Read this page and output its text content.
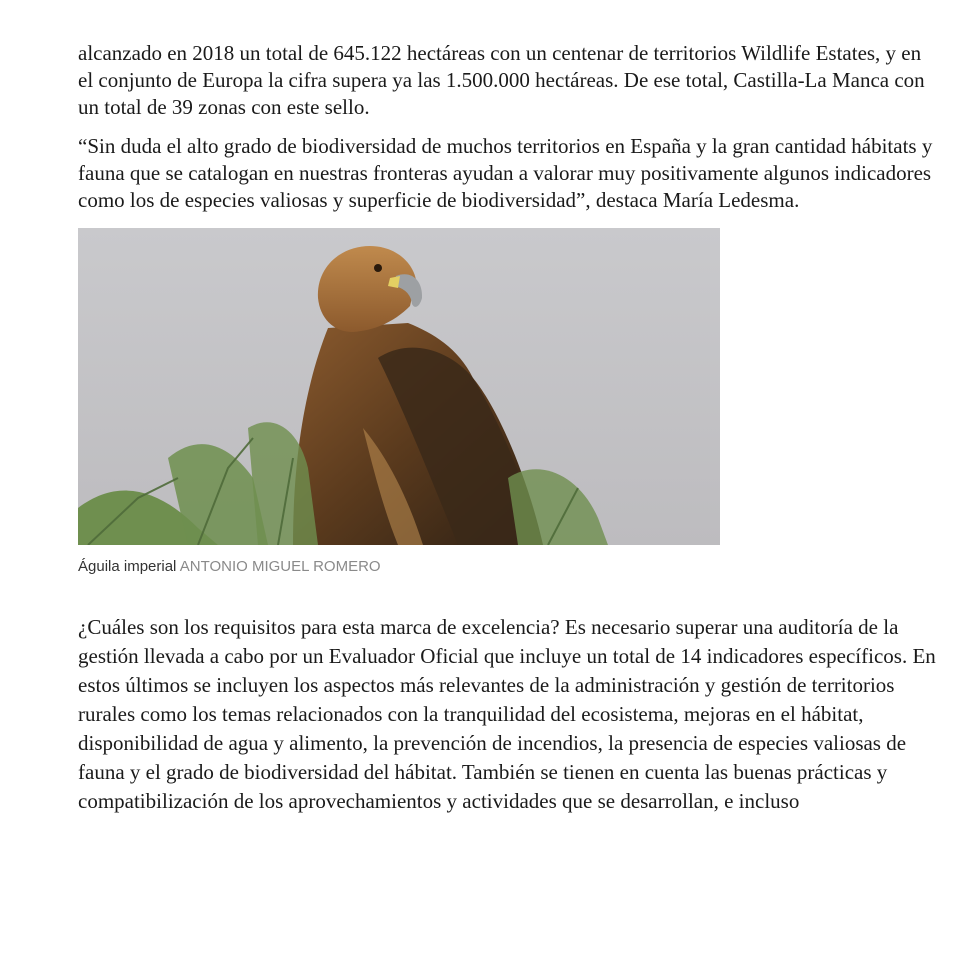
alcanzado en 2018 un total de 645.122 hectáreas con un centenar de territorios Wildlife Estates, y en el conjunto de Europa la cifra supera ya las 1.500.000 hectáreas. De ese total, Castilla-La Manca con un total de 39 zonas con este sello.

“Sin duda el alto grado de biodiversidad de muchos territorios en España y la gran cantidad hábitats y fauna que se catalogan en nuestras fronteras ayudan a valorar muy positivamente algunos indicadores como los de especies valiosas y superficie de biodiversidad”, destaca María Ledesma.

Águila imperial ANTONIO MIGUEL ROMERO

¿Cuáles son los requisitos para esta marca de excelencia? Es necesario superar una auditoría de la gestión llevada a cabo por un Evaluador Oficial que incluye un total de 14 indicadores específicos. En estos últimos se incluyen los aspectos más relevantes de la administración y gestión de territorios rurales como los temas relacionados con la tranquilidad del ecosistema, mejoras en el hábitat, disponibilidad de agua y alimento, la prevención de incendios, la presencia de especies valiosas de fauna y el grado de biodiversidad del hábitat. También se tienen en cuenta las buenas prácticas y compatibilización de los aprovechamientos y actividades que se desarrollan, e incluso
